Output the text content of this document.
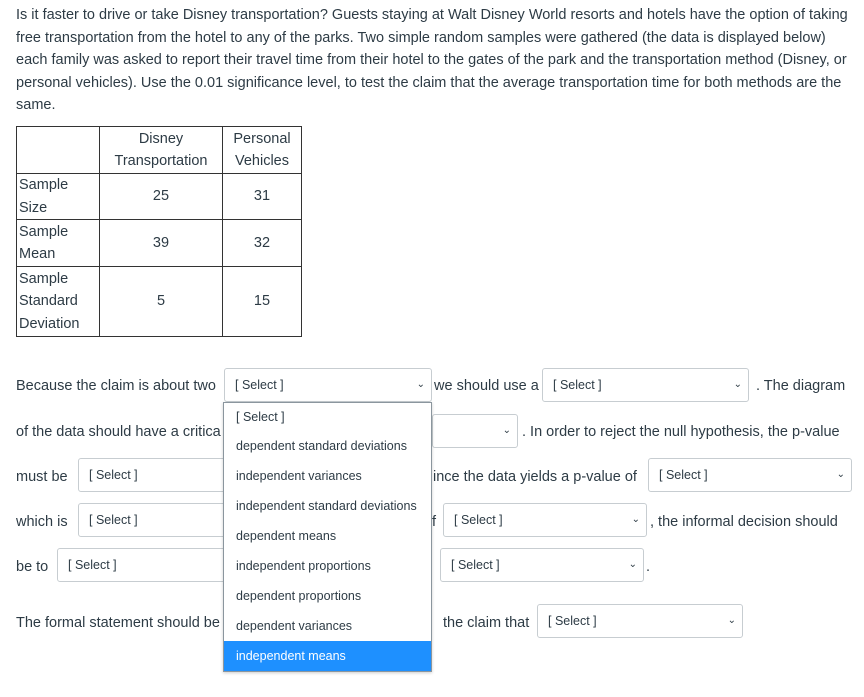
Is it faster to drive or take Disney transportation? Guests staying at Walt Disney World resorts and hotels have the option of taking free transportation from the hotel to any of the parks. Two simple random samples were gathered (the data is displayed below) each family was asked to report their travel time from their hotel to the gates of the park and the transportation method (Disney, or personal vehicles). Use the 0.01 significance level, to test the claim that the average transportation time for both methods are the same.
	Disney Transportation	Personal Vehicles
Sample Size	25	31
Sample Mean	39	32
Sample Standard Deviation	5	15
Because the claim is about two	[ Select ]	⌄ we should use a	[ Select ]	⌄ . The diagram
of the data should have a critica	⌄ . In order to reject the null hypothesis, the p-value
must be	[ Select ]	ince the data yields a p-value of	[ Select ]	⌄
which is	[ Select ]	f	[ Select ]	⌄ , the informal decision should
be to	[ Select ]	[ Select ]	⌄ .
The formal statement should be	the claim that	[ Select ]	⌄
[ Select ]
dependent standard deviations
independent variances
independent standard deviations
dependent means
independent proportions
dependent proportions
dependent variances
independent means
